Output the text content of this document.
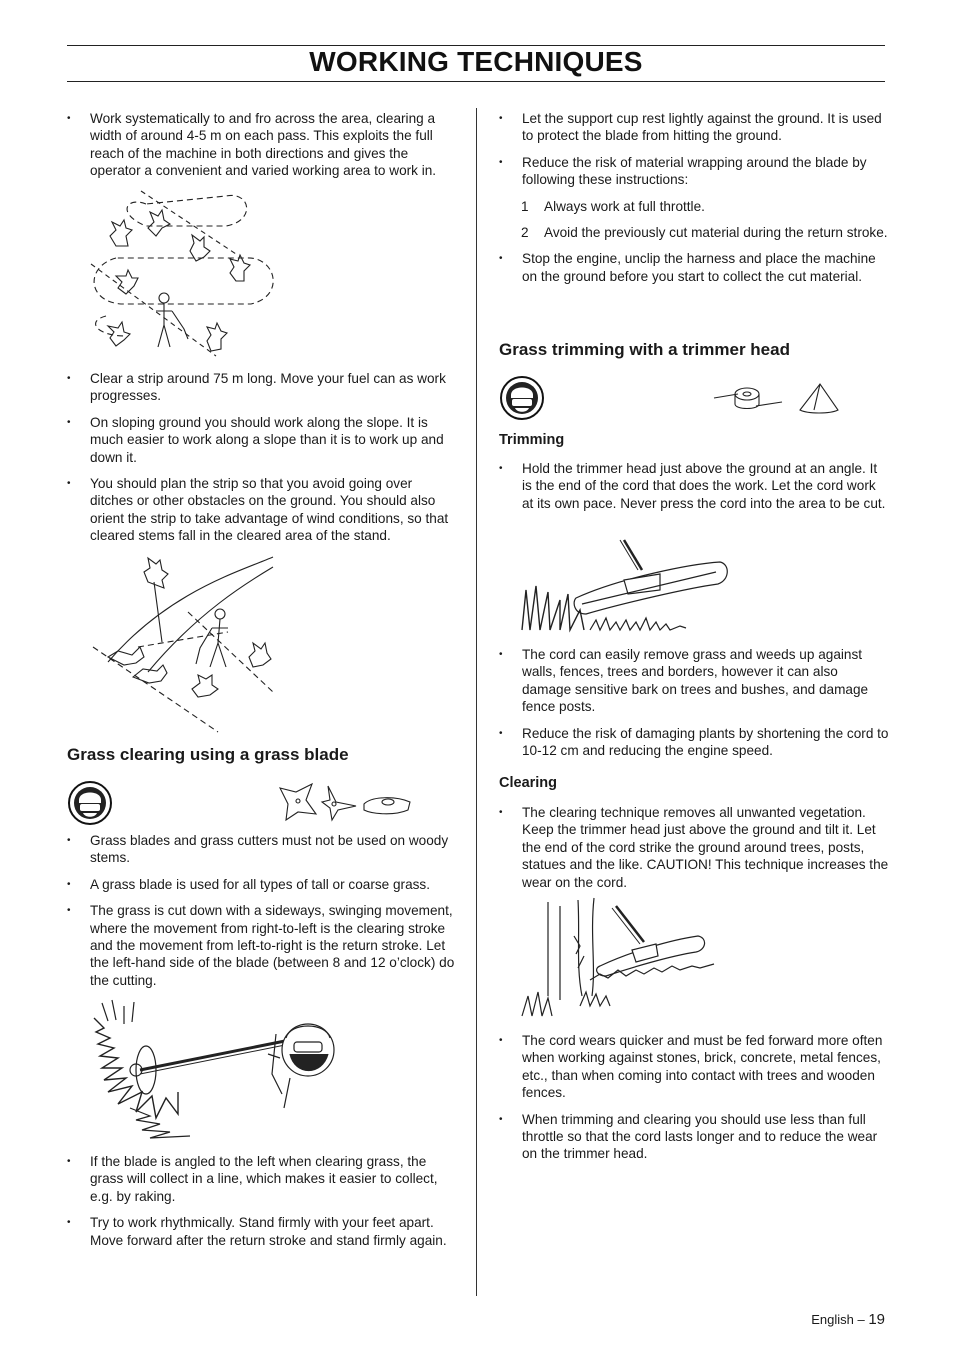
WORKING TECHNIQUES
• Work systematically to and fro across the area, clearing a width of around 4-5 m on each pass. This exploits the full reach of the machine in both directions and gives the operator a convenient and varied working area to work in.
• Clear a strip around 75 m long. Move your fuel can as work progresses.
• On sloping ground you should work along the slope. It is much easier to work along a slope than it is to work up and down it.
• You should plan the strip so that you avoid going over ditches or other obstacles on the ground. You should also orient the strip to take advantage of wind conditions, so that cleared stems fall in the cleared area of the stand.
Grass clearing using a grass blade
• Grass blades and grass cutters must not be used on woody stems.
• A grass blade is used for all types of tall or coarse grass.
• The grass is cut down with a sideways, swinging movement, where the movement from right-to-left is the clearing stroke and the movement from left-to-right is the return stroke. Let the left-hand side of the blade (between 8 and 12 o’clock) do the cutting.
• If the blade is angled to the left when clearing grass, the grass will collect in a line, which makes it easier to collect, e.g. by raking.
• Try to work rhythmically. Stand firmly with your feet apart. Move forward after the return stroke and stand firmly again.
• Let the support cup rest lightly against the ground. It is used to protect the blade from hitting the ground.
• Reduce the risk of material wrapping around the blade by following these instructions:
1 Always work at full throttle.
2 Avoid the previously cut material during the return stroke.
• Stop the engine, unclip the harness and place the machine on the ground before you start to collect the cut material.
Grass trimming with a trimmer head
Trimming
• Hold the trimmer head just above the ground at an angle. It is the end of the cord that does the work. Let the cord work at its own pace. Never press the cord into the area to be cut.
• The cord can easily remove grass and weeds up against walls, fences, trees and borders, however it can also damage sensitive bark on trees and bushes, and damage fence posts.
• Reduce the risk of damaging plants by shortening the cord to 10-12 cm and reducing the engine speed.
Clearing
• The clearing technique removes all unwanted vegetation. Keep the trimmer head just above the ground and tilt it. Let the end of the cord strike the ground around trees, posts, statues and the like. CAUTION! This technique increases the wear on the cord.
• The cord wears quicker and must be fed forward more often when working against stones, brick, concrete, metal fences, etc., than when coming into contact with trees and wooden fences.
• When trimming and clearing you should use less than full throttle so that the cord lasts longer and to reduce the wear on the trimmer head.
English – 19
